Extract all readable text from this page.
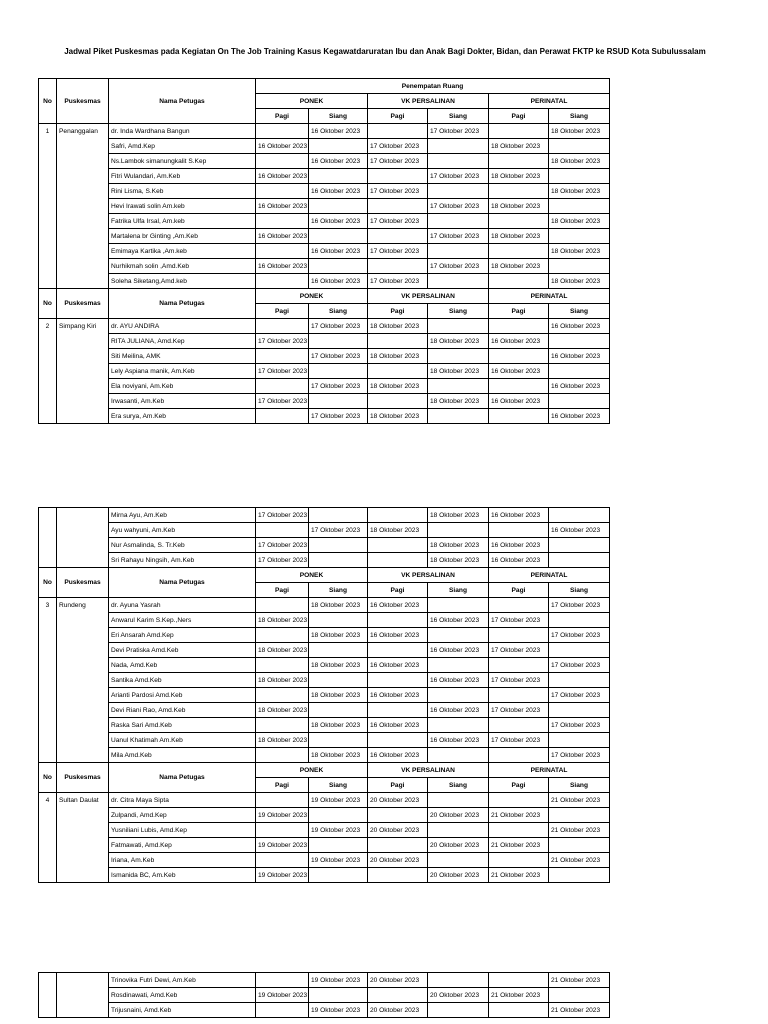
Jadwal Piket Puskesmas pada Kegiatan On The Job Training Kasus Kegawatdaruratan Ibu dan Anak Bagi Dokter, Bidan, dan Perawat FKTP ke RSUD Kota Subulussalam
No	Puskesmas	Nama Petugas	Penempatan Ruang					
			PONEK		VK PERSALINAN		PERINATAL	
			Pagi	Siang	Pagi	Siang	Pagi	Siang
1	Penanggalan	dr. Inda Wardhana Bangun		16 Oktober 2023		17 Oktober 2023		18 Oktober 2023
		Safri, Amd.Kep	16 Oktober 2023		17 Oktober 2023		18 Oktober 2023	
		Ns.Lambok simanungkalit S.Kep		16 Oktober 2023	17 Oktober 2023			18 Oktober 2023
		Fitri Wulandari, Am.Keb	16 Oktober 2023			17 Oktober 2023	18 Oktober 2023	
		Rini Lisma, S.Keb		16 Oktober 2023	17 Oktober 2023			18 Oktober 2023
		Hevi Irawati solin Am.keb	16 Oktober 2023			17 Oktober 2023	18 Oktober 2023	
		Fatrika Ulfa Irsal, Am.keb		16 Oktober 2023	17 Oktober 2023			18 Oktober 2023
		Martalena br Ginting ,Am.Keb	16 Oktober 2023			17 Oktober 2023	18 Oktober 2023	
		Emimaya Kartika ,Am.keb		16 Oktober 2023	17 Oktober 2023			18 Oktober 2023
		Nurhikmah solin ,Amd.Keb	16 Oktober 2023			17 Oktober 2023	18 Oktober 2023	
		Soleha Siketang,Amd.keb		16 Oktober 2023	17 Oktober 2023			18 Oktober 2023
No	Puskesmas	Nama Petugas	PONEK		VK PERSALINAN		PERINATAL	
			Pagi	Siang	Pagi	Siang	Pagi	Siang
2	Simpang Kiri	dr. AYU ANDIRA		17 Oktober 2023	18 Oktober 2023			16 Oktober 2023
		RITA JULIANA, Amd.Kep	17 Oktober 2023			18 Oktober 2023	16 Oktober 2023	
		Siti Meilina, AMK		17 Oktober 2023	18 Oktober 2023			16 Oktober 2023
		Lely Aspiana manik, Am.Keb	17 Oktober 2023			18 Oktober 2023	16 Oktober 2023	
		Ela noviyani, Am.Keb		17 Oktober 2023	18 Oktober 2023			16 Oktober 2023
		Irwasanti, Am.Keb	17 Oktober 2023			18 Oktober 2023	16 Oktober 2023	
		Era surya, Am.Keb		17 Oktober 2023	18 Oktober 2023			16 Oktober 2023
		Mirna Ayu, Am.Keb	17 Oktober 2023			18 Oktober 2023	16 Oktober 2023	
		Ayu wahyuni, Am.Keb		17 Oktober 2023	18 Oktober 2023			16 Oktober 2023
		Nur Asmalinda, S. Tr.Keb	17 Oktober 2023			18 Oktober 2023	16 Oktober 2023	
		Sri Rahayu Ningsih, Am.Keb	17 Oktober 2023			18 Oktober 2023	16 Oktober 2023	
No	Puskesmas	Nama Petugas	PONEK		VK PERSALINAN		PERINATAL	
			Pagi	Siang	Pagi	Siang	Pagi	Siang
3	Rundeng	dr. Ayuna Yasrah		18 Oktober 2023	16 Oktober 2023			17 Oktober 2023
		Anwarul Karim S.Kep.,Ners	18 Oktober 2023			16 Oktober 2023	17 Oktober 2023	
		Eri Ansarah Amd.Kep		18 Oktober 2023	16 Oktober 2023			17 Oktober 2023
		Devi Pratiska Amd.Keb	18 Oktober 2023			16 Oktober 2023	17 Oktober 2023	
		Nada, Amd.Keb		18 Oktober 2023	16 Oktober 2023			17 Oktober 2023
		Santika Amd.Keb	18 Oktober 2023			16 Oktober 2023	17 Oktober 2023	
		Arianti Pardosi Amd.Keb		18 Oktober 2023	16 Oktober 2023			17 Oktober 2023
		Devi Riani Rao, Amd.Keb	18 Oktober 2023			16 Oktober 2023	17 Oktober 2023	
		Raska Sari Amd.Keb		18 Oktober 2023	16 Oktober 2023			17 Oktober 2023
		Uanul Khatimah Am.Keb	18 Oktober 2023			16 Oktober 2023	17 Oktober 2023	
		Mila Amd.Keb		18 Oktober 2023	16 Oktober 2023			17 Oktober 2023
No	Puskesmas	Nama Petugas	PONEK		VK PERSALINAN		PERINATAL	
			Pagi	Siang	Pagi	Siang	Pagi	Siang
4	Sultan Daulat	dr. Citra Maya Sipta		19 Oktober 2023	20 Oktober 2023			21 Oktober 2023
		Zulpandi, Amd.Kep	19 Oktober 2023			20 Oktober 2023	21 Oktober 2023	
		Yusniliani Lubis, Amd.Kep		19 Oktober 2023	20 Oktober 2023			21 Oktober 2023
		Fatmawati, Amd.Kep	19 Oktober 2023			20 Oktober 2023	21 Oktober 2023	
		Iriana, Am.Keb		19 Oktober 2023	20 Oktober 2023			21 Oktober 2023
		Ismanida BC, Am.Keb	19 Oktober 2023			20 Oktober 2023	21 Oktober 2023	
		Trinovika Futri Dewi, Am.Keb		19 Oktober 2023	20 Oktober 2023			21 Oktober 2023
		Rosdinawati, Amd.Keb	19 Oktober 2023			20 Oktober 2023	21 Oktober 2023	
		Trijusnaini, Amd.Keb		19 Oktober 2023	20 Oktober 2023			21 Oktober 2023
